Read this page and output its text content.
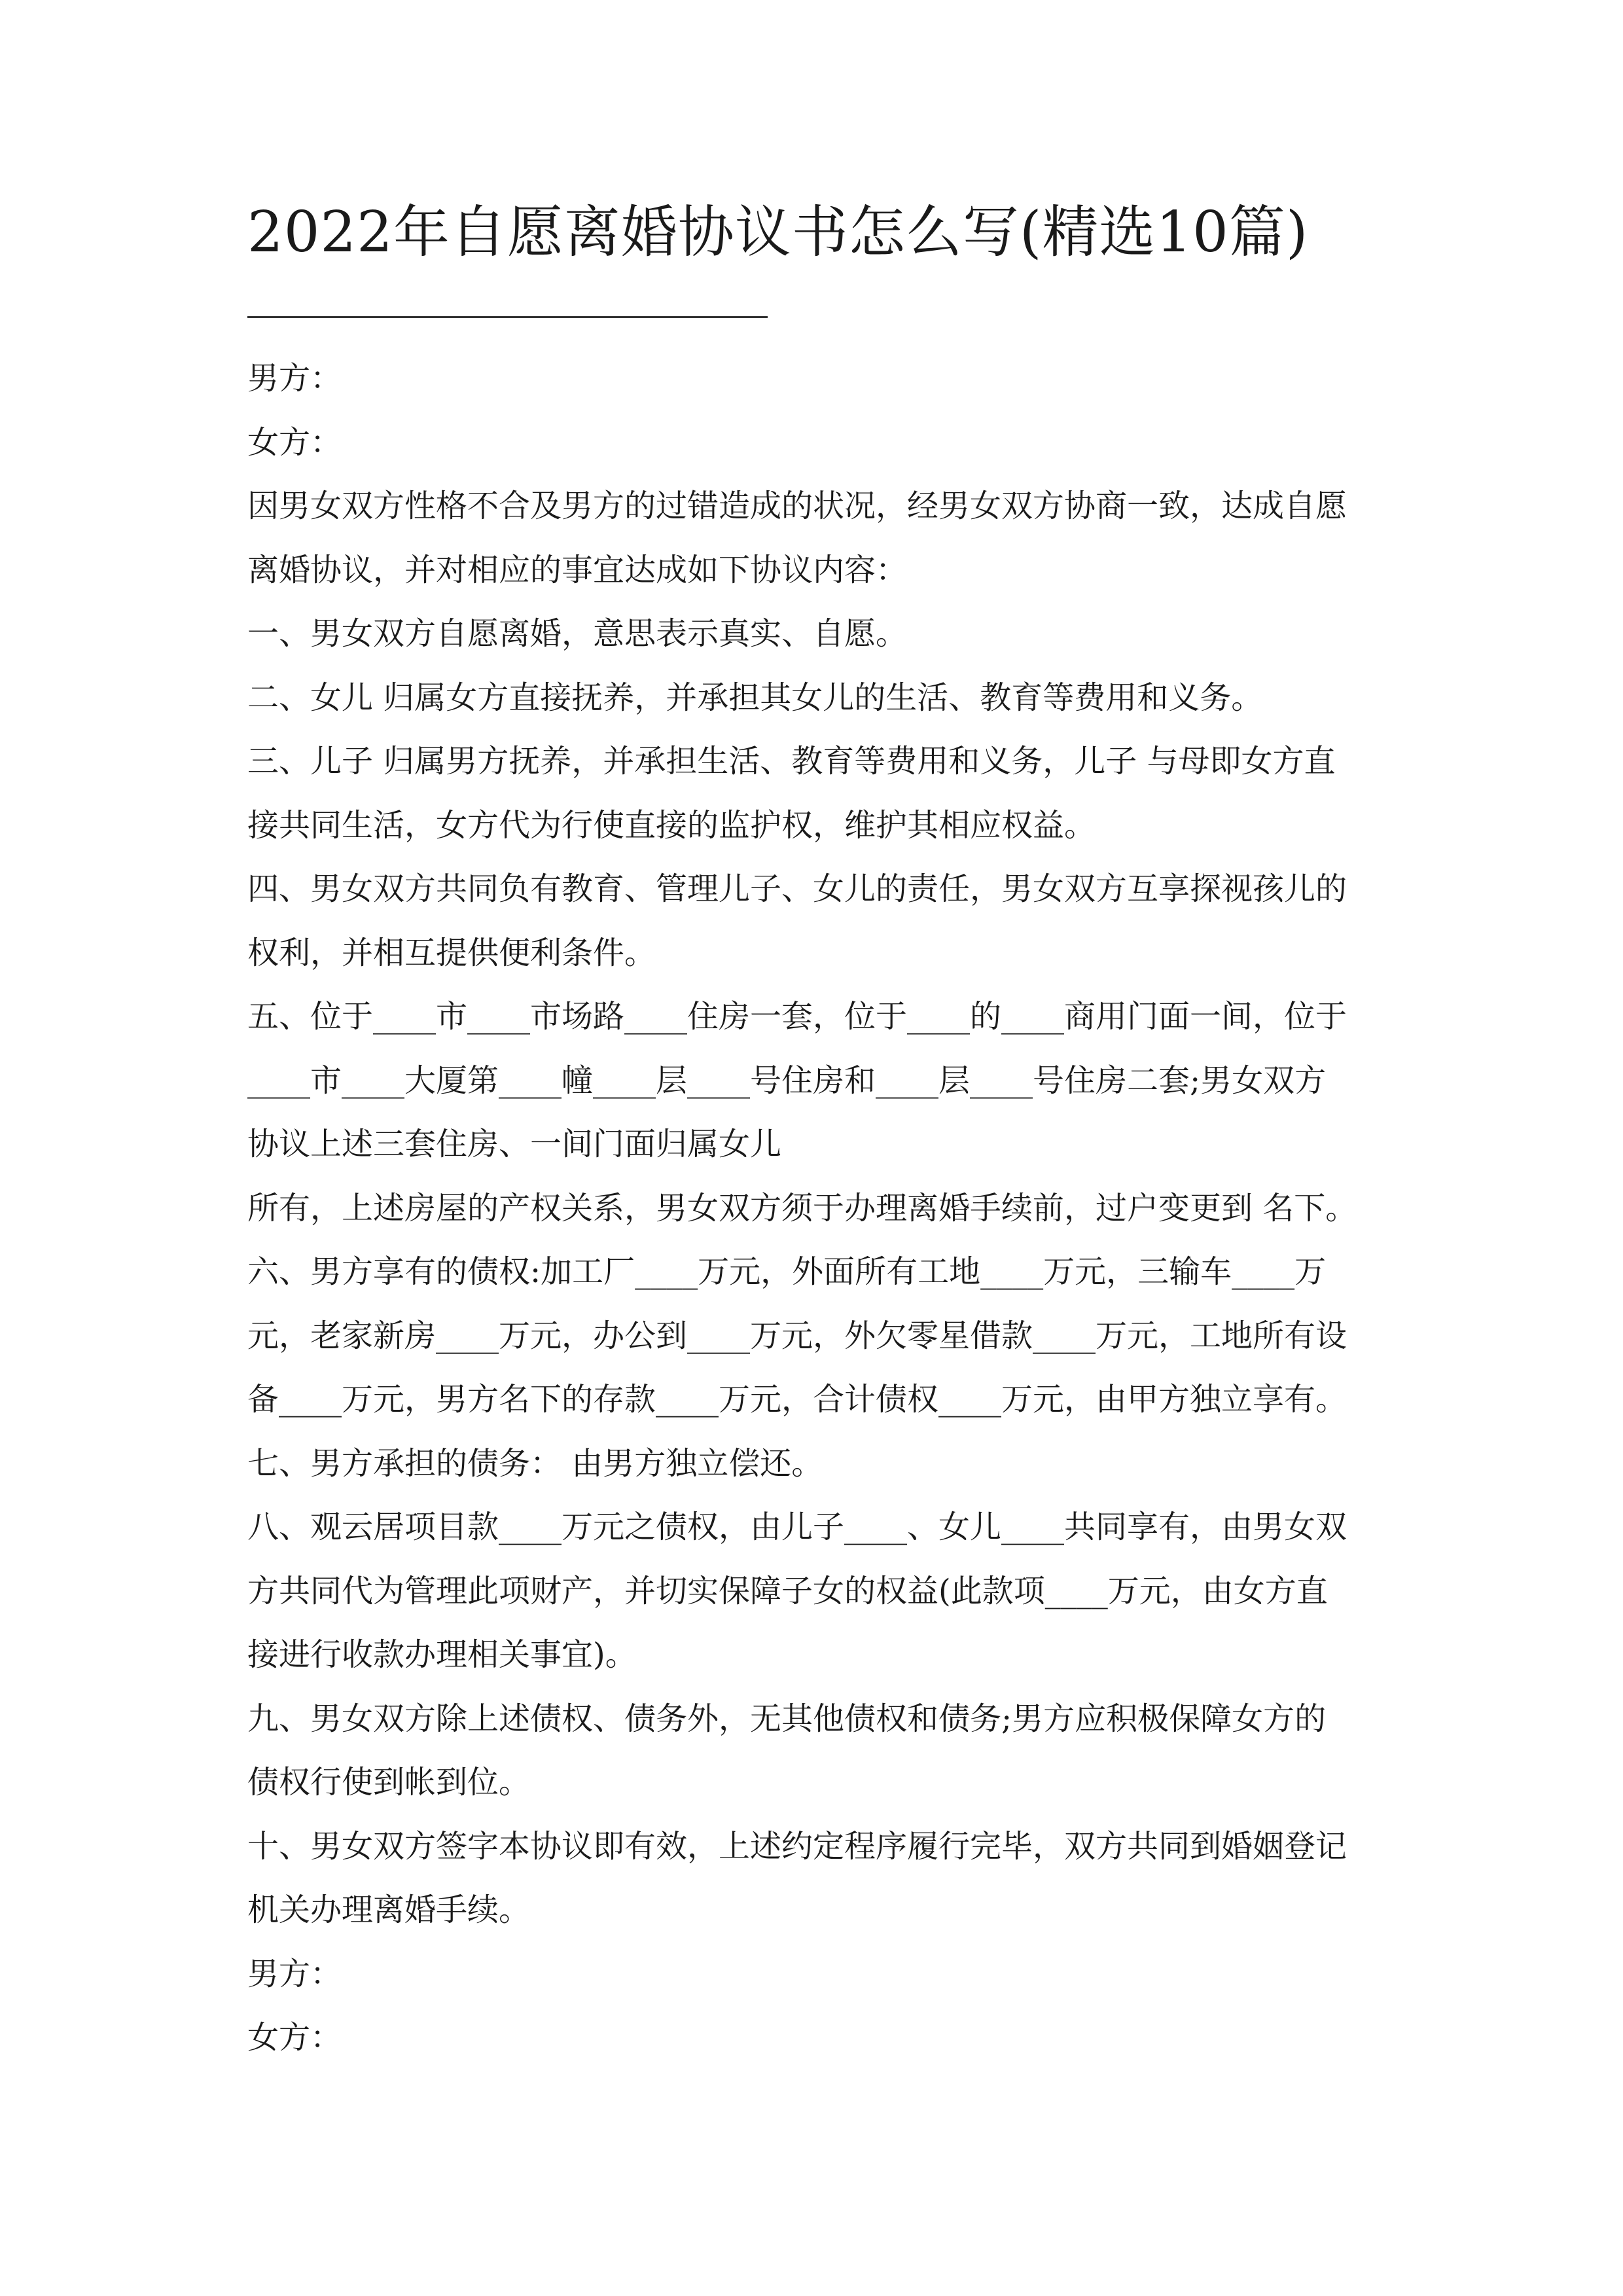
2022年自愿离婚协议书怎么写(精选10篇)
男方：
女方：
因男女双方性格不合及男方的过错造成的状况，经男女双方协商一致，达成自愿
离婚协议，并对相应的事宜达成如下协议内容：
一、男女双方自愿离婚，意思表示真实、自愿。
二、女儿 归属女方直接抚养，并承担其女儿的生活、教育等费用和义务。
三、儿子 归属男方抚养，并承担生活、教育等费用和义务，儿子 与母即女方直
接共同生活，女方代为行使直接的监护权，维护其相应权益。
四、男女双方共同负有教育、管理儿子、女儿的责任，男女双方互享探视孩儿的
权利，并相互提供便利条件。
五、位于____市____市场路____住房一套，位于____的____商用门面一间，位于
____市____大厦第____幢____层____号住房和____层____号住房二套;男女双方
协议上述三套住房、一间门面归属女儿
所有，上述房屋的产权关系，男女双方须于办理离婚手续前，过户变更到 名下。
六、男方享有的债权:加工厂____万元，外面所有工地____万元，三输车____万
元，老家新房____万元，办公到____万元，外欠零星借款____万元，工地所有设
备____万元，男方名下的存款____万元，合计债权____万元，由甲方独立享有。
七、男方承担的债务： 由男方独立偿还。
八、观云居项目款____万元之债权，由儿子____、女儿____共同享有，由男女双
方共同代为管理此项财产，并切实保障子女的权益(此款项____万元，由女方直
接进行收款办理相关事宜)。
九、男女双方除上述债权、债务外，无其他债权和债务;男方应积极保障女方的
债权行使到帐到位。
十、男女双方签字本协议即有效，上述约定程序履行完毕，双方共同到婚姻登记
机关办理离婚手续。
男方：
女方：
